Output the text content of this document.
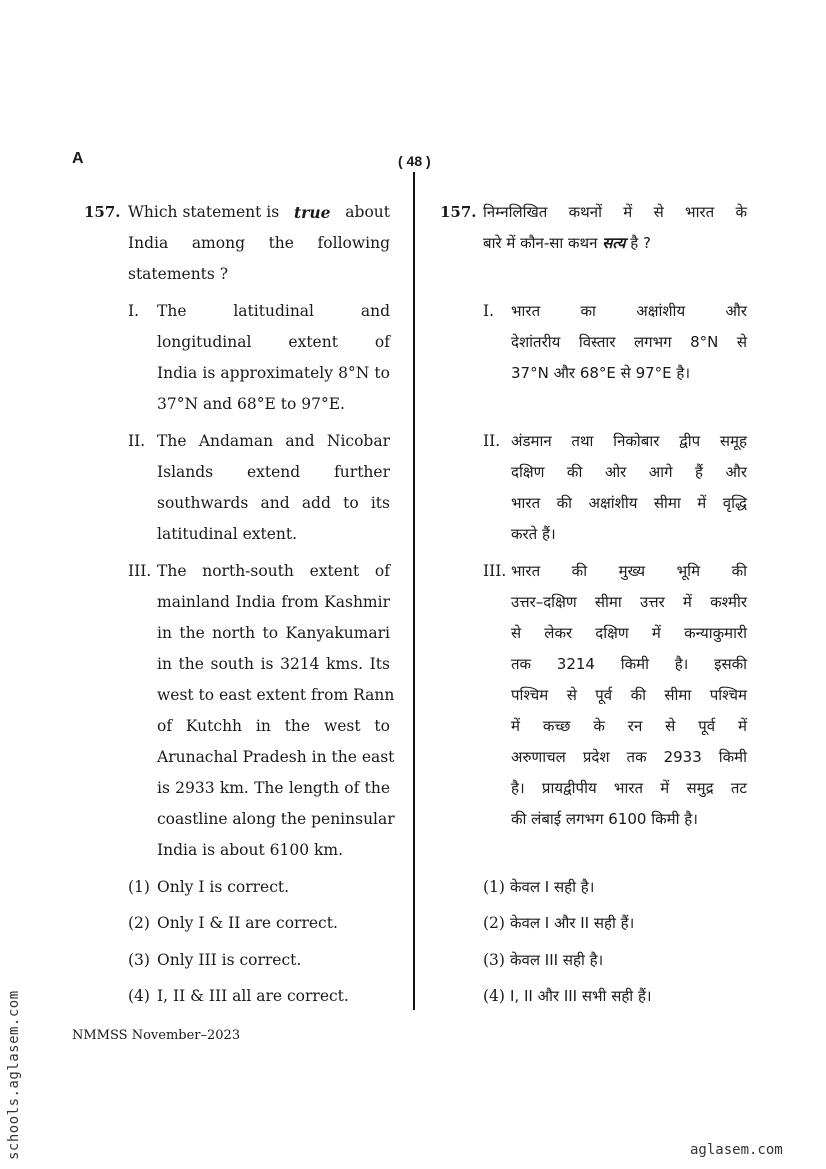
A	( 48 )
157. Which statement is true about
India among the following
statements ?
I. The latitudinal and
longitudinal extent of
India is approximately 8°N to
37°N and 68°E to 97°E.
II. The Andaman and Nicobar
Islands extend further
southwards and add to its
latitudinal extent.
III. The north-south extent of
mainland India from Kashmir
in the north to Kanyakumari
in the south is 3214 kms. Its
west to east extent from Rann
of Kutchh in the west to
Arunachal Pradesh in the east
is 2933 km. The length of the
coastline along the peninsular
India is about 6100 km.
(1) Only I is correct.
(2) Only I & II are correct.
(3) Only III is correct.
(4) I, II & III all are correct.
157. निम्नलिखित कथनों में से भारत के
बारे में कौन-सा कथन सत्य है ?
I. भारत का अक्षांशीय और
देशांतरीय विस्तार लगभग 8°N से
37°N और 68°E से 97°E है।
II. अंडमान तथा निकोबार द्वीप समूह
दक्षिण की ओर आगे हैं और
भारत की अक्षांशीय सीमा में वृद्धि
करते हैं।
III. भारत की मुख्य भूमि की
उत्तर–दक्षिण सीमा उत्तर में कश्मीर
से लेकर दक्षिण में कन्याकुमारी
तक 3214 किमी है। इसकी
पश्चिम से पूर्व की सीमा पश्चिम
में कच्छ के रन से पूर्व में
अरुणाचल प्रदेश तक 2933 किमी
है। प्रायद्वीपीय भारत में समुद्र तट
की लंबाई लगभग 6100 किमी है।
(1) केवल I सही है।
(2) केवल I और II सही हैं।
(3) केवल III सही है।
(4) I, II और III सभी सही हैं।
NMMSS November–2023
schools.aglasem.com	aglasem.com
